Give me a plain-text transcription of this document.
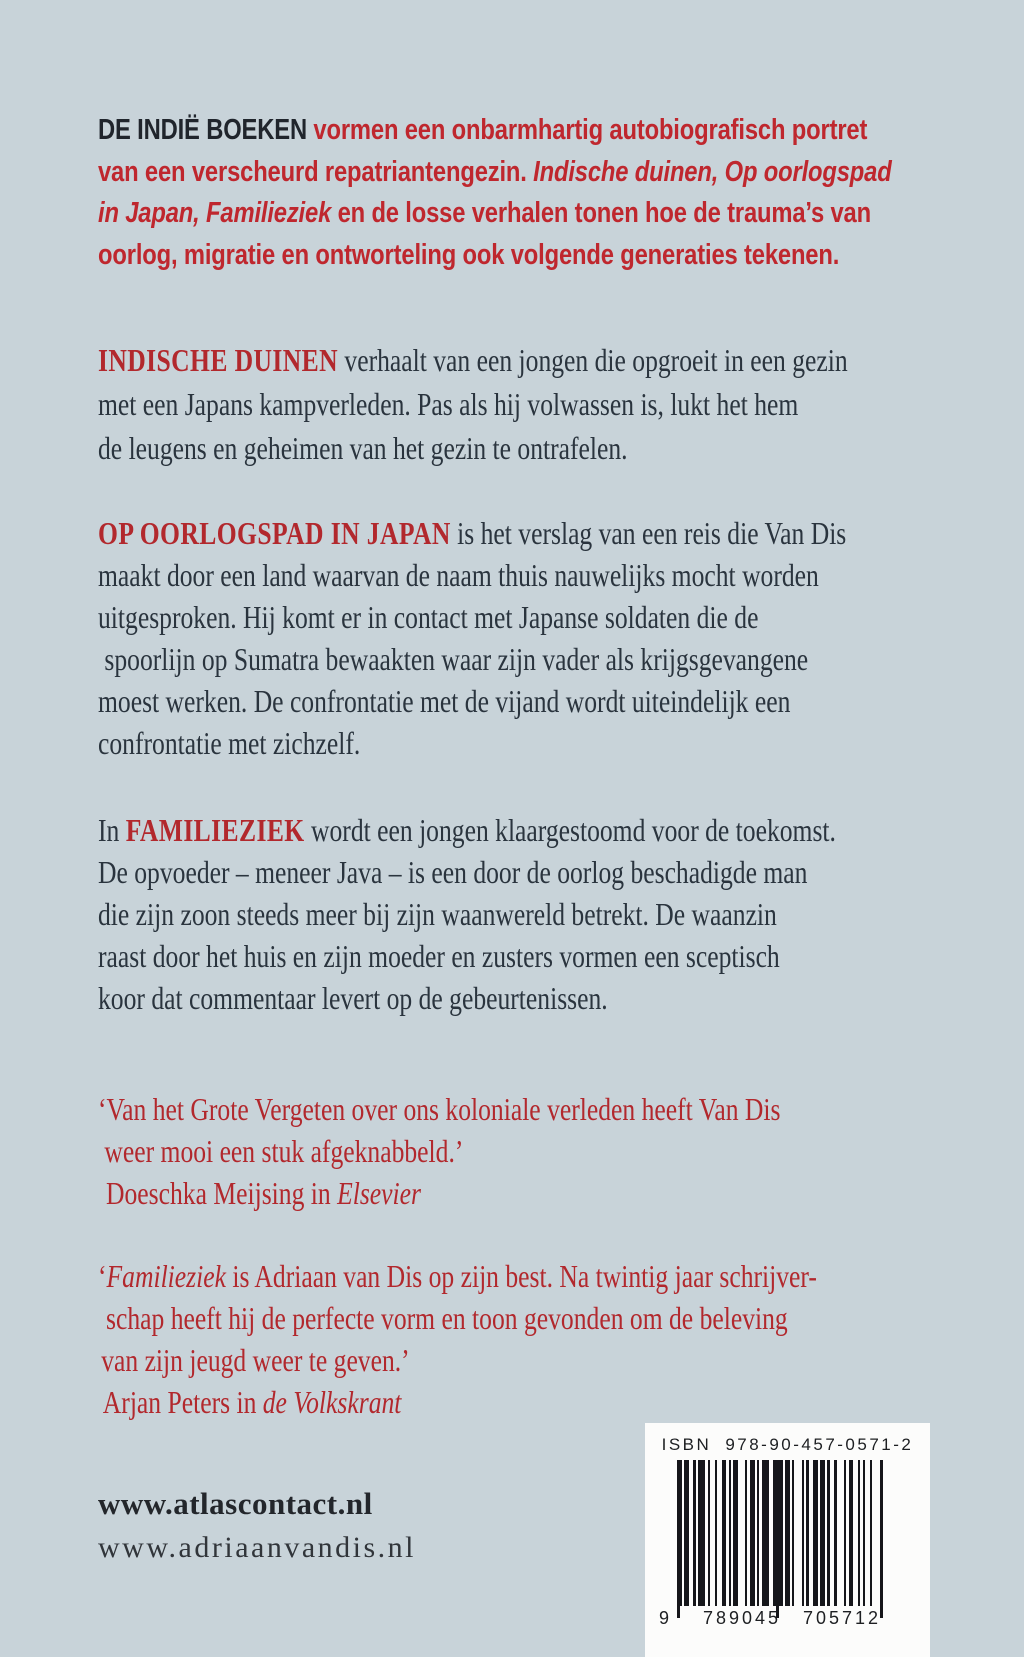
DE INDIË BOEKEN vormen een onbarmhartig autobiografisch portret
van een verscheurd repatriantengezin. Indische duinen, Op oorlogspad
in Japan, Familieziek en de losse verhalen tonen hoe de trauma’s van
oorlog, migratie en ontworteling ook volgende generaties tekenen.
INDISCHE DUINEN verhaalt van een jongen die opgroeit in een gezin
met een Japans kampverleden. Pas als hij volwassen is, lukt het hem
de leugens en geheimen van het gezin te ontrafelen.
OP OORLOGSPAD IN JAPAN is het verslag van een reis die Van Dis
maakt door een land waarvan de naam thuis nauwelijks mocht worden
uitgesproken. Hij komt er in contact met Japanse soldaten die de
spoorlijn op Sumatra bewaakten waar zijn vader als krijgsgevangene
moest werken. De confrontatie met de vijand wordt uiteindelijk een
confrontatie met zichzelf.
In FAMILIEZIEK wordt een jongen klaargestoomd voor de toekomst.
De opvoeder – meneer Java – is een door de oorlog beschadigde man
die zijn zoon steeds meer bij zijn waanwereld betrekt. De waanzin
raast door het huis en zijn moeder en zusters vormen een sceptisch
koor dat commentaar levert op de gebeurtenissen.
‘Van het Grote Vergeten over ons koloniale verleden heeft Van Dis
weer mooi een stuk afgeknabbeld.’
Doeschka Meijsing in Elsevier
‘Familieziek is Adriaan van Dis op zijn best. Na twintig jaar schrijver-
schap heeft hij de perfecte vorm en toon gevonden om de beleving
van zijn jeugd weer te geven.’
Arjan Peters in de Volkskrant
www.atlascontact.nl
www.adriaanvandis.nl
ISBN 978-90-457-0571-2
9 789045 705712
